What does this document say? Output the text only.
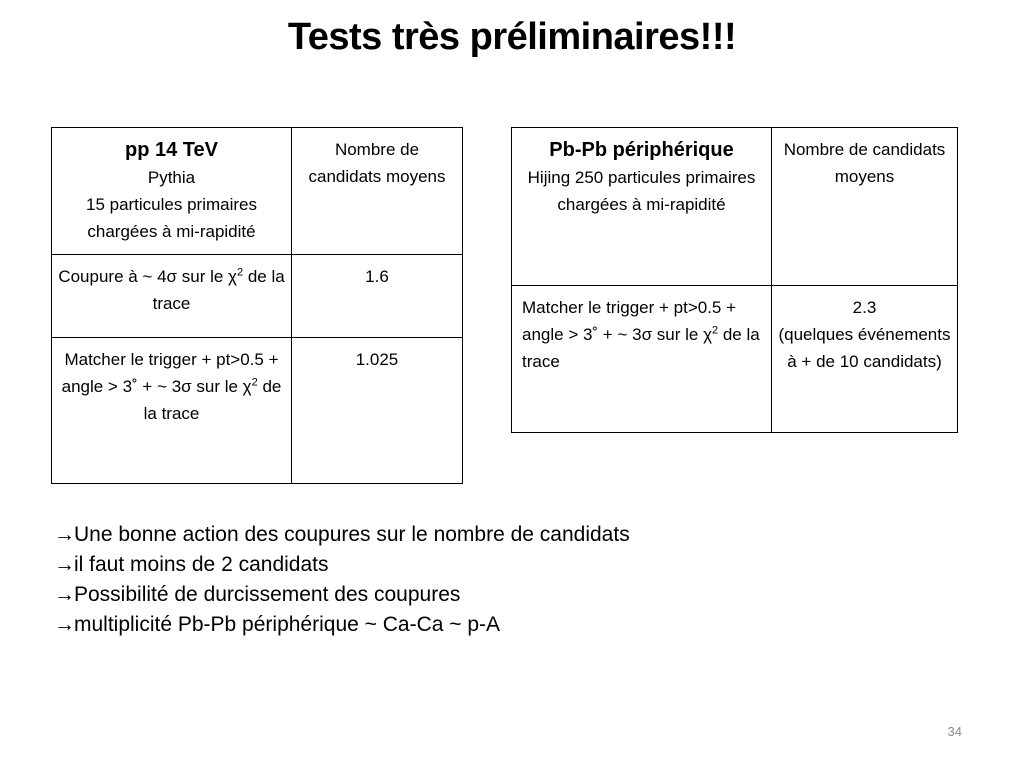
Tests très préliminaires!!!
pp 14 TeV
Pythia
15 particules primaires
chargées à mi-rapidité	Nombre de candidats moyens
Coupure à ~ 4σ sur le $\chi^2$ de la trace	1.6
Matcher le trigger + pt>0.5 + angle > 3˚ + ~ 3σ sur le $\chi^2$ de la trace	1.025
Pb-Pb périphérique
Hijing 250 particules primaires chargées à mi-rapidité	Nombre de candidats moyens
Matcher le trigger + pt>0.5 + angle > 3˚ + ~ 3σ sur le $\chi^2$ de la trace	2.3
(quelques événements
à + de 10 candidats)
→Une bonne action des coupures sur le nombre de candidats
→il faut moins de 2 candidats
→Possibilité de durcissement des coupures
→multiplicité Pb-Pb périphérique ~ Ca-Ca ~ p-A
34
